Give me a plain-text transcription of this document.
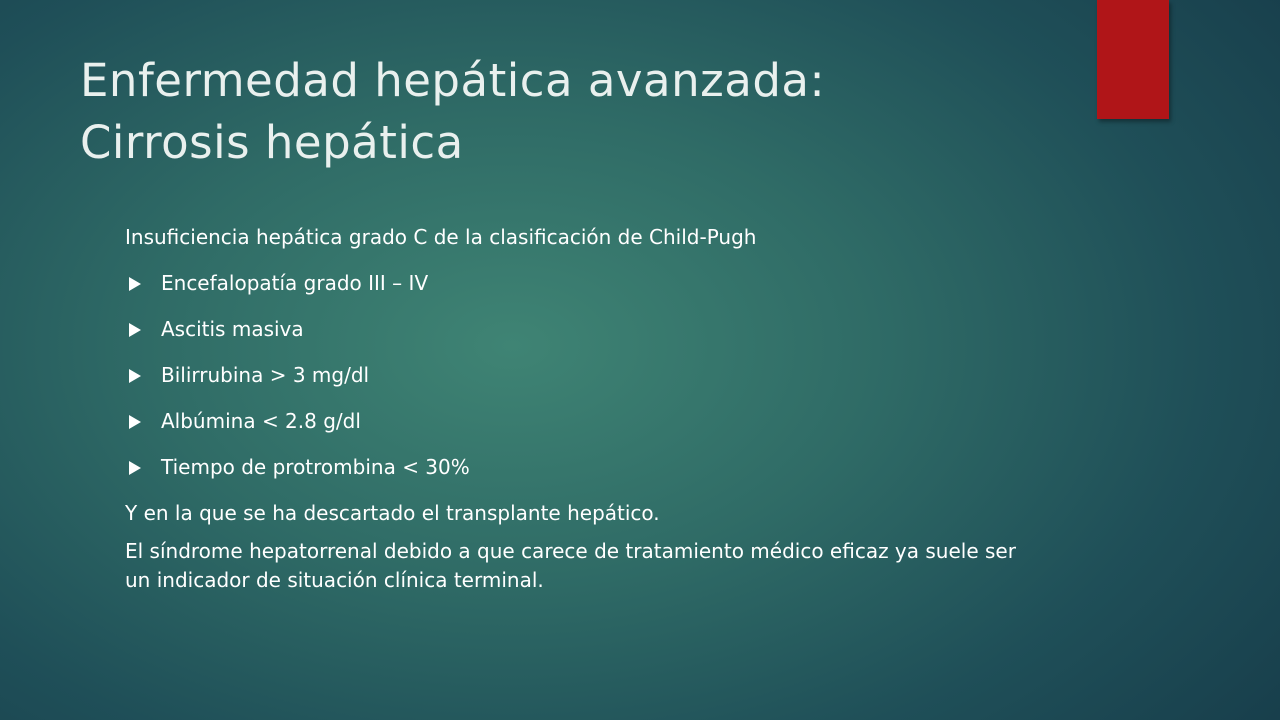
Enfermedad hepática avanzada:
Cirrosis hepática

Insuficiencia hepática grado C de la clasificación de Child-Pugh

Encefalopatía grado III – IV
Ascitis masiva
Bilirrubina > 3 mg/dl
Albúmina < 2.8 g/dl
Tiempo de protrombina < 30%

Y en la que se ha descartado el transplante hepático.

El síndrome hepatorrenal debido a que carece de tratamiento médico eficaz ya suele ser un indicador de situación clínica terminal.
